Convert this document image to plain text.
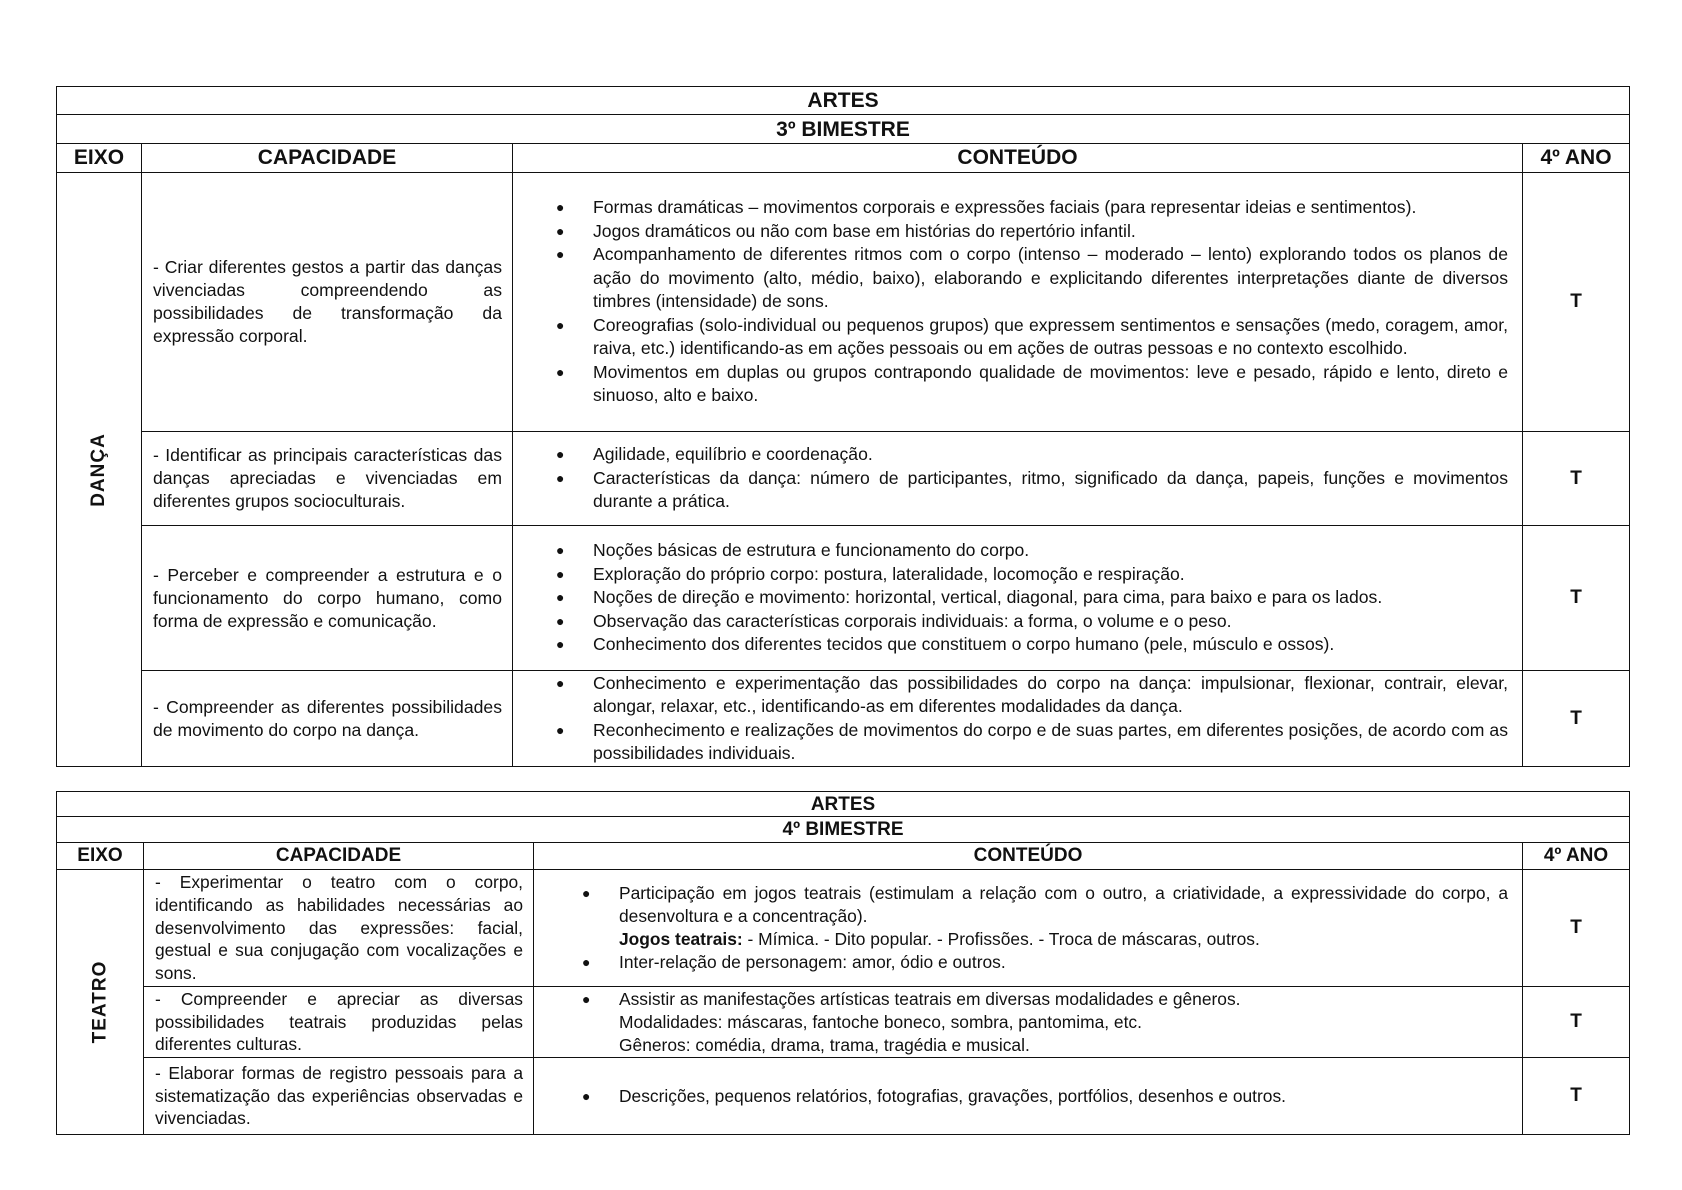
ARTES			
3º BIMESTRE			
EIXO	CAPACIDADE	CONTEÚDO	4º ANO
DANÇA	- Criar diferentes gestos a partir das danças vivenciadas compreendendo as possibilidades de transformação da expressão corporal.	
● Formas dramáticas – movimentos corporais e expressões faciais (para representar ideias e sentimentos).
● Jogos dramáticos ou não com base em histórias do repertório infantil.
● Acompanhamento de diferentes ritmos com o corpo (intenso – moderado – lento) explorando todos os planos de ação do movimento (alto, médio, baixo), elaborando e explicitando diferentes interpretações diante de diversos timbres (intensidade) de sons.
● Coreografias (solo-individual ou pequenos grupos) que expressem sentimentos e sensações (medo, coragem, amor, raiva, etc.) identificando-as em ações pessoais ou em ações de outras pessoas e no contexto escolhido.
● Movimentos em duplas ou grupos contrapondo qualidade de movimentos: leve e pesado, rápido e lento, direto e sinuoso, alto e baixo.
	T
- Identificar as principais características das danças apreciadas e vivenciadas em diferentes grupos socioculturais.	
● Agilidade, equilíbrio e coordenação.
● Características da dança: número de participantes, ritmo, significado da dança, papeis, funções e movimentos durante a prática.
	T
- Perceber e compreender a estrutura e o funcionamento do corpo humano, como forma de expressão e comunicação.	
● Noções básicas de estrutura e funcionamento do corpo.
● Exploração do próprio corpo: postura, lateralidade, locomoção e respiração.
● Noções de direção e movimento: horizontal, vertical, diagonal, para cima, para baixo e para os lados.
● Observação das características corporais individuais: a forma, o volume e o peso.
● Conhecimento dos diferentes tecidos que constituem o corpo humano (pele, músculo e ossos).
	T
- Compreender as diferentes possibilidades de movimento do corpo na dança.	
● Conhecimento e experimentação das possibilidades do corpo na dança: impulsionar, flexionar, contrair, elevar, alongar, relaxar, etc., identificando-as em diferentes modalidades da dança.
● Reconhecimento e realizações de movimentos do corpo e de suas partes, em diferentes posições, de acordo com as possibilidades individuais.
	T
ARTES			
4º BIMESTRE			
EIXO	CAPACIDADE	CONTEÚDO	4º ANO
TEATRO	- Experimentar o teatro com o corpo, identificando as habilidades necessárias ao desenvolvimento das expressões: facial, gestual e sua conjugação com vocalizações e sons.	
● Participação em jogos teatrais (estimulam a relação com o outro, a criatividade, a expressividade do corpo, a desenvoltura e a concentração).
Jogos teatrais: - Mímica. - Dito popular. - Profissões. - Troca de máscaras, outros.
● Inter-relação de personagem: amor, ódio e outros.
	T
- Compreender e apreciar as diversas possibilidades teatrais produzidas pelas diferentes culturas.	
● Assistir as manifestações artísticas teatrais em diversas modalidades e gêneros.
Modalidades: máscaras, fantoche boneco, sombra, pantomima, etc.
Gêneros: comédia, drama, trama, tragédia e musical.
	T
- Elaborar formas de registro pessoais para a sistematização das experiências observadas e vivenciadas.	
● Descrições, pequenos relatórios, fotografias, gravações, portfólios, desenhos e outros.	T
